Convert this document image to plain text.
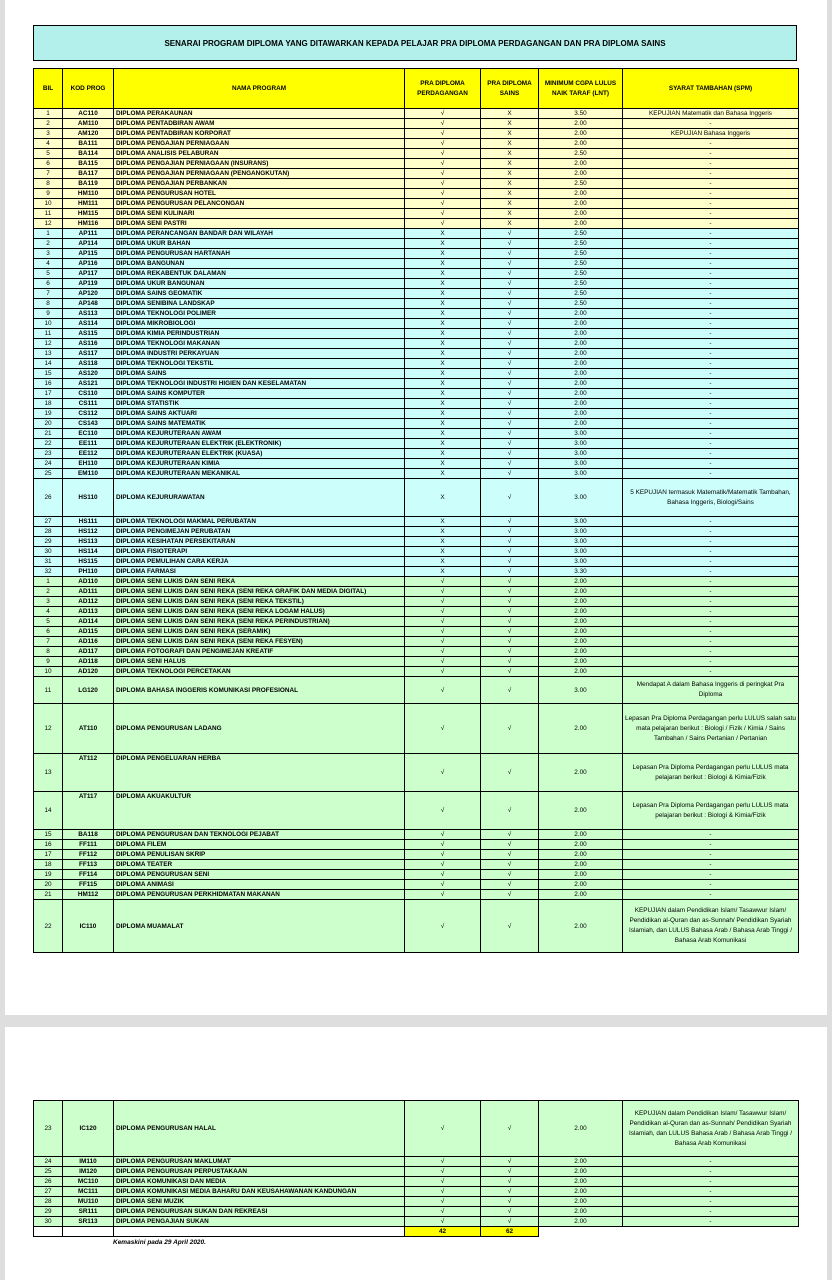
SENARAI PROGRAM DIPLOMA YANG DITAWARKAN KEPADA PELAJAR PRA DIPLOMA PERDAGANGAN DAN PRA DIPLOMA SAINS
BIL	KOD PROG	NAMA PROGRAM	PRA DIPLOMA PERDAGANGAN	PRA DIPLOMA SAINS	MINIMUM CGPA LULUS NAIK TARAF (LNT)	SYARAT TAMBAHAN (SPM)
1	AC110	DIPLOMA PERAKAUNAN	√	X	3.50	KEPUJIAN Matematik dan Bahasa Inggeris
2	AM110	DIPLOMA PENTADBIRAN AWAM	√	X	2.00	-
3	AM120	DIPLOMA PENTADBIRAN KORPORAT	√	X	2.00	KEPUJIAN Bahasa Inggeris
4	BA111	DIPLOMA PENGAJIAN PERNIAGAAN	√	X	2.00	-
5	BA114	DIPLOMA ANALISIS PELABURAN	√	X	2.50	-
6	BA115	DIPLOMA PENGAJIAN PERNIAGAAN (INSURANS)	√	X	2.00	-
7	BA117	DIPLOMA PENGAJIAN PERNIAGAAN (PENGANGKUTAN)	√	X	2.00	-
8	BA119	DIPLOMA PENGAJIAN PERBANKAN	√	X	2.50	-
9	HM110	DIPLOMA PENGURUSAN HOTEL	√	X	2.00	-
10	HM111	DIPLOMA PENGURUSAN PELANCONGAN	√	X	2.00	-
11	HM115	DIPLOMA SENI KULINARI	√	X	2.00	-
12	HM116	DIPLOMA SENI PASTRI	√	X	2.00	-
1	AP111	DIPLOMA PERANCANGAN BANDAR DAN WILAYAH	X	√	2.50	-
2	AP114	DIPLOMA UKUR BAHAN	X	√	2.50	-
3	AP115	DIPLOMA PENGURUSAN HARTANAH	X	√	2.50	-
4	AP116	DIPLOMA BANGUNAN	X	√	2.50	-
5	AP117	DIPLOMA REKABENTUK DALAMAN	X	√	2.50	-
6	AP119	DIPLOMA UKUR BANGUNAN	X	√	2.50	-
7	AP120	DIPLOMA SAINS GEOMATIK	X	√	2.50	-
8	AP148	DIPLOMA SENIBINA LANDSKAP	X	√	2.50	-
9	AS113	DIPLOMA TEKNOLOGI POLIMER	X	√	2.00	-
10	AS114	DIPLOMA MIKROBIOLOGI	X	√	2.00	-
11	AS115	DIPLOMA KIMIA PERINDUSTRIAN	X	√	2.00	-
12	AS116	DIPLOMA TEKNOLOGI MAKANAN	X	√	2.00	-
13	AS117	DIPLOMA INDUSTRI PERKAYUAN	X	√	2.00	-
14	AS118	DIPLOMA TEKNOLOGI TEKSTIL	X	√	2.00	-
15	AS120	DIPLOMA SAINS	X	√	2.00	-
16	AS121	DIPLOMA TEKNOLOGI INDUSTRI HIGIEN DAN KESELAMATAN	X	√	2.00	-
17	CS110	DIPLOMA SAINS KOMPUTER	X	√	2.00	-
18	CS111	DIPLOMA STATISTIK	X	√	2.00	-
19	CS112	DIPLOMA SAINS AKTUARI	X	√	2.00	-
20	CS143	DIPLOMA SAINS MATEMATIK	X	√	2.00	-
21	EC110	DIPLOMA KEJURUTERAAN AWAM	X	√	3.00	-
22	EE111	DIPLOMA KEJURUTERAAN ELEKTRIK (ELEKTRONIK)	X	√	3.00	-
23	EE112	DIPLOMA KEJURUTERAAN ELEKTRIK (KUASA)	X	√	3.00	-
24	EH110	DIPLOMA KEJURUTERAAN KIMIA	X	√	3.00	-
25	EM110	DIPLOMA KEJURUTERAAN MEKANIKAL	X	√	3.00	-
26	HS110	DIPLOMA KEJURURAWATAN	X	√	3.00	5 KEPUJIAN termasuk Matematik/Matematik Tambahan, Bahasa Inggeris, Biologi/Sains
27	HS111	DIPLOMA TEKNOLOGI MAKMAL PERUBATAN	X	√	3.00	-
28	HS112	DIPLOMA PENGIMEJAN PERUBATAN	X	√	3.00	-
29	HS113	DIPLOMA KESIHATAN PERSEKITARAN	X	√	3.00	-
30	HS114	DIPLOMA FISIOTERAPI	X	√	3.00	-
31	HS115	DIPLOMA PEMULIHAN CARA KERJA	X	√	3.00	-
32	PH110	DIPLOMA FARMASI	X	√	3.30	-
1	AD110	DIPLOMA SENI LUKIS DAN SENI REKA	√	√	2.00	-
2	AD111	DIPLOMA SENI LUKIS DAN SENI REKA (SENI REKA GRAFIK DAN MEDIA DIGITAL)	√	√	2.00	-
3	AD112	DIPLOMA SENI LUKIS DAN SENI REKA (SENI REKA TEKSTIL)	√	√	2.00	-
4	AD113	DIPLOMA SENI LUKIS DAN SENI REKA (SENI REKA LOGAM HALUS)	√	√	2.00	-
5	AD114	DIPLOMA SENI LUKIS DAN SENI REKA (SENI REKA PERINDUSTRIAN)	√	√	2.00	-
6	AD115	DIPLOMA SENI LUKIS DAN SENI REKA (SERAMIK)	√	√	2.00	-
7	AD116	DIPLOMA SENI LUKIS DAN SENI REKA (SENI REKA FESYEN)	√	√	2.00	-
8	AD117	DIPLOMA FOTOGRAFI DAN PENGIMEJAN KREATIF	√	√	2.00	-
9	AD118	DIPLOMA SENI HALUS	√	√	2.00	-
10	AD120	DIPLOMA TEKNOLOGI PERCETAKAN	√	√	2.00	-
11	LG120	DIPLOMA BAHASA INGGERIS KOMUNIKASI PROFESIONAL	√	√	3.00	Mendapat A dalam Bahasa Inggeris di peringkat Pra Diploma
12	AT110	DIPLOMA PENGURUSAN LADANG	√	√	2.00	Lepasan Pra Diploma Perdagangan perlu LULUS salah satu mata pelajaran berikut : Biologi / Fizik / Kimia / Sains Tambahan / Sains Pertanian / Pertanian
13	AT112	DIPLOMA PENGELUARAN HERBA	√	√	2.00	Lepasan Pra Diploma Perdagangan perlu LULUS mata pelajaran berikut : Biologi & Kimia/Fizik
14	AT117	DIPLOMA AKUAKULTUR	√	√	2.00	Lepasan Pra Diploma Perdagangan perlu LULUS mata pelajaran berikut : Biologi & Kimia/Fizik
15	BA118	DIPLOMA PENGURUSAN DAN TEKNOLOGI PEJABAT	√	√	2.00	-
16	FF111	DIPLOMA FILEM	√	√	2.00	-
17	FF112	DIPLOMA PENULISAN SKRIP	√	√	2.00	-
18	FF113	DIPLOMA TEATER	√	√	2.00	-
19	FF114	DIPLOMA PENGURUSAN SENI	√	√	2.00	-
20	FF115	DIPLOMA ANIMASI	√	√	2.00	-
21	HM112	DIPLOMA PENGURUSAN PERKHIDMATAN MAKANAN	√	√	2.00	-
22	IC110	DIPLOMA MUAMALAT	√	√	2.00	KEPUJIAN dalam Pendidikan Islam/ Tasawwur Islam/ Pendidikan al-Quran dan as-Sunnah/ Pendidikan Syariah Islamiah, dan LULUS Bahasa Arab / Bahasa Arab Tinggi / Bahasa Arab Komunikasi
23	IC120	DIPLOMA PENGURUSAN HALAL	√	√	2.00	KEPUJIAN dalam Pendidikan Islam/ Tasawwur Islam/ Pendidikan al-Quran dan as-Sunnah/ Pendidikan Syariah Islamiah, dan LULUS Bahasa Arab / Bahasa Arab Tinggi / Bahasa Arab Komunikasi
24	IM110	DIPLOMA PENGURUSAN MAKLUMAT	√	√	2.00	-
25	IM120	DIPLOMA PENGURUSAN PERPUSTAKAAN	√	√	2.00	-
26	MC110	DIPLOMA KOMUNIKASI DAN MEDIA	√	√	2.00	-
27	MC111	DIPLOMA KOMUNIKASI MEDIA BAHARU DAN KEUSAHAWANAN KANDUNGAN	√	√	2.00	-
28	MU110	DIPLOMA SENI MUZIK	√	√	2.00	-
29	SR111	DIPLOMA PENGURUSAN SUKAN DAN REKREASI	√	√	2.00	-
30	SR113	DIPLOMA PENGAJIAN SUKAN	√	√	2.00	-
			42	62		
Kemaskini pada 29 April 2020.
